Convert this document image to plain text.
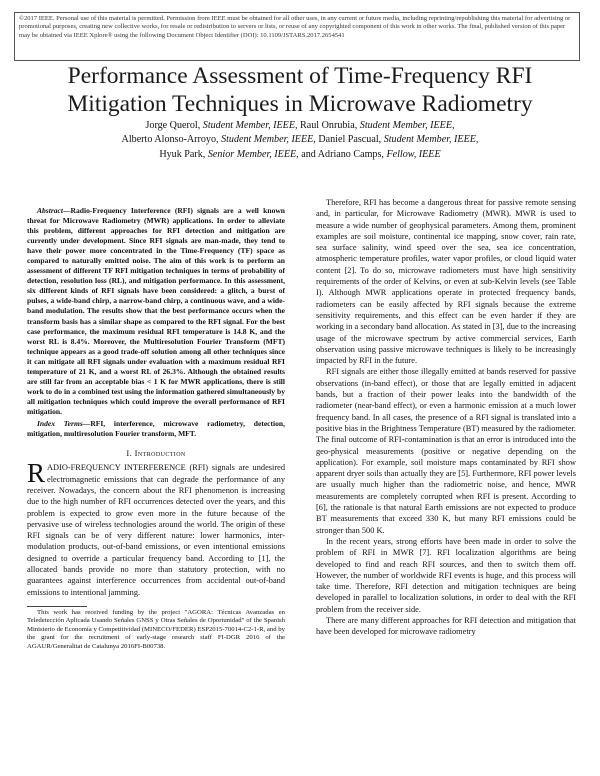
©2017 IEEE. Personal use of this material is permitted. Permission from IEEE must be obtained for all other uses, in any current or future media, including reprinting/republishing this material for advertising or promotional purposes, creating new collective works, for resale or redistribution to servers or lists, or reuse of any copyrighted component of this work in other works. The final, published version of this paper may be obtained via IEEE Xplore® using the following Document Object Identifier (DOI): 10.1109/JSTARS.2017.2654541
Performance Assessment of Time-Frequency RFI Mitigation Techniques in Microwave Radiometry
Jorge Querol, Student Member, IEEE, Raul Onrubia, Student Member, IEEE,
Alberto Alonso-Arroyo, Student Member, IEEE, Daniel Pascual, Student Member, IEEE,
Hyuk Park, Senior Member, IEEE, and Adriano Camps, Fellow, IEEE

Abstract—Radio-Frequency Interference (RFI) signals are a well known threat for Microwave Radiometry (MWR) applications. In order to alleviate this problem, different approaches for RFI detection and mitigation are currently under development. Since RFI signals are man-made, they tend to have their power more concentrated in the Time-Frequency (TF) space as compared to naturally emitted noise. The aim of this work is to perform an assessment of different TF RFI mitigation techniques in terms of probability of detection, resolution loss (RL), and mitigation performance. In this assessment, six different kinds of RFI signals have been considered: a glitch, a burst of pulses, a wide-band chirp, a narrow-band chirp, a continuous wave, and a wide-band modulation. The results show that the best performance occurs when the transform basis has a similar shape as compared to the RFI signal. For the best case performance, the maximum residual RFI temperature is 14.8 K, and the worst RL is 8.4%. Moreover, the Multiresolution Fourier Transform (MFT) technique appears as a good trade-off solution among all other techniques since it can mitigate all RFI signals under evaluation with a maximum residual RFI temperature of 21 K, and a worst RL of 26.3%. Although the obtained results are still far from an acceptable bias < 1 K for MWR applications, there is still work to do in a combined test using the information gathered simultaneously by all mitigation techniques which could improve the overall performance of RFI mitigation.

Index Terms—RFI, interference, microwave radiometry, detection, mitigation, multiresolution Fourier transform, MFT.
I. Introduction

RADIO-FREQUENCY INTERFERENCE (RFI) signals are undesired electromagnetic emissions that can degrade the performance of any receiver. Nowadays, the concern about the RFI phenomenon is increasing due to the high number of RFI occurrences detected over the years, and this problem is expected to grow even more in the future because of the pervasive use of wireless technologies around the world. The origin of these RFI signals can be of very different nature: lower harmonics, inter-modulation products, out-of-band emissions, or even intentional emissions designed to override a particular frequency band. According to [1], the allocated bands provide no more than statutory protection, with no guarantees against interference occurrences from accidental out-of-band emissions to intentional jamming.

This work has received funding by the project "AGORA: Técnicas Avanzadas en Teledetección Aplicada Usando Señales GNSS y Otras Señales de Oportunidad" of the Spanish Ministerio de Economía y Competitividad (MINECO/FEDER) ESP2015-70014-C2-1-R, and by the grant for the recruitment of early-stage research staff FI-DGR 2016 of the AGAUR/Generalitat de Catalunya 2016FI-B00738.

Therefore, RFI has become a dangerous threat for passive remote sensing and, in particular, for Microwave Radiometry (MWR). MWR is used to measure a wide number of geophysical parameters. Among them, prominent examples are soil moisture, continental ice mapping, snow cover, rain rate, sea surface salinity, wind speed over the sea, sea ice concentration, atmospheric temperature profiles, water vapor profiles, or cloud liquid water content [2]. To do so, microwave radiometers must have high sensitivity requirements of the order of Kelvins, or even at sub-Kelvin levels (see Table I). Although MWR applications operate in protected frequency bands, radiometers can be easily affected by RFI signals because the extreme sensitivity requirements, and this effect can be even harder if they are working in a secondary band allocation. As stated in [3], due to the increasing usage of the microwave spectrum by active commercial services, Earth observation using passive microwave techniques is likely to be increasingly impacted by RFI in the future.

RFI signals are either those illegally emitted at bands reserved for passive observations (in-band effect), or those that are legally emitted in adjacent bands, but a fraction of their power leaks into the bandwidth of the radiometer (near-band effect), or even a harmonic emission at a much lower frequency band. In all cases, the presence of a RFI signal is translated into a positive bias in the Brightness Temperature (BT) measured by the radiometer. The final outcome of RFI-contamination is that an error is introduced into the geo-physical measurements (positive or negative depending on the application). For example, soil moisture maps contaminated by RFI show apparent dryer soils than actually they are [5]. Furthermore, RFI power levels are usually much higher than the radiometric noise, and hence, MWR measurements are completely corrupted when RFI is present. According to [6], the rationale is that natural Earth emissions are not expected to produce BT measurements that exceed 330 K, but many RFI emissions could be stronger than 500 K.

In the recent years, strong efforts have been made in order to solve the problem of RFI in MWR [7]. RFI localization algorithms are being developed to find and reach RFI sources, and then to switch them off. However, the number of worldwide RFI events is huge, and this process will take time. Therefore, RFI detection and mitigation techniques are being developed in parallel to localization solutions, in order to deal with the RFI problem from the receiver side.

There are many different approaches for RFI detection and mitigation that have been developed for microwave radiometry
